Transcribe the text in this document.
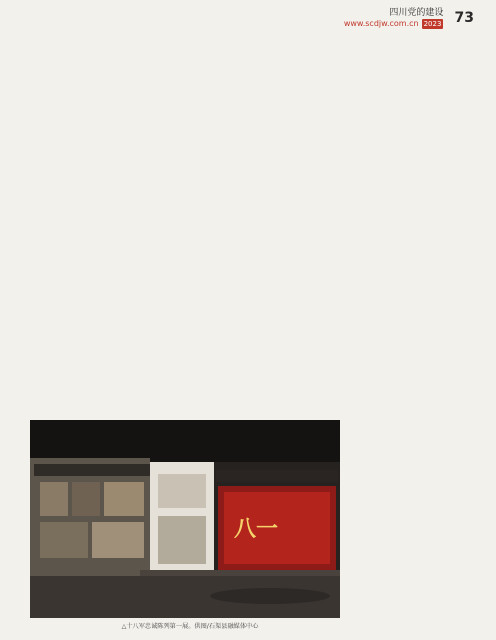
四川党的建设
www.scdjw.com.cn 2023 73

八一
△十八军忠诚陈列第一展。供图/石渠县融媒体中心
